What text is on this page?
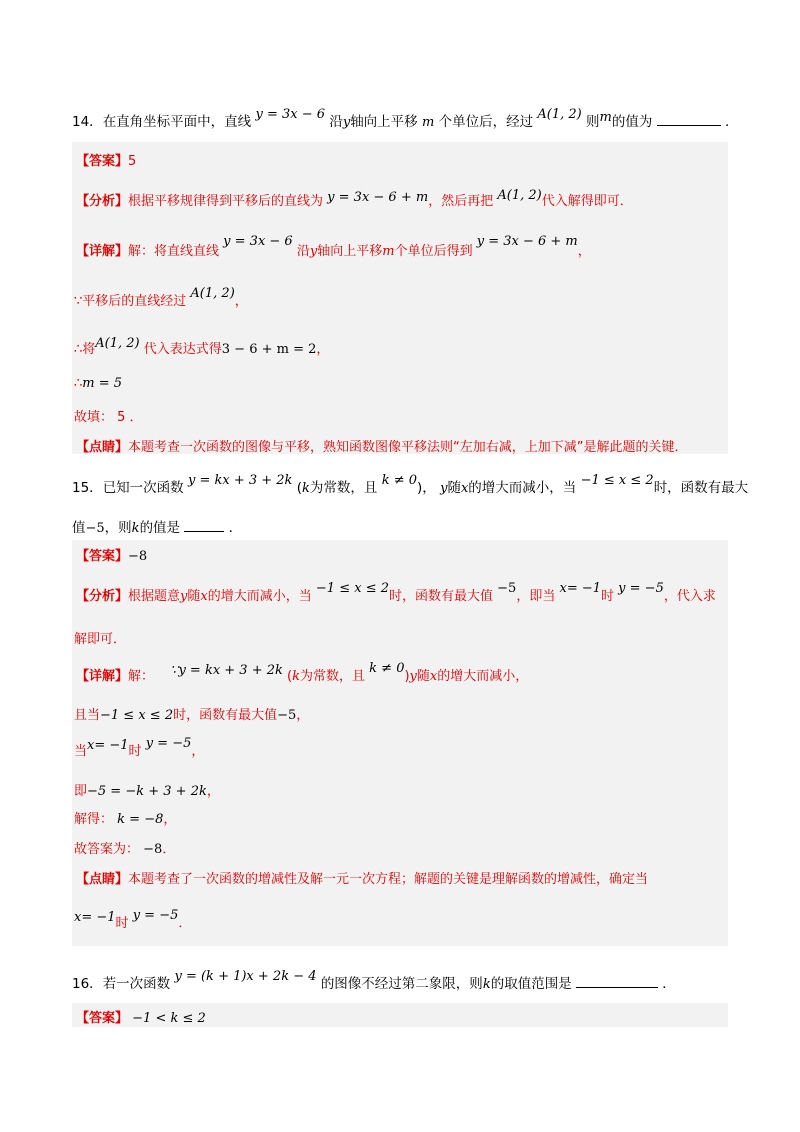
14．在直角坐标平面中，直线 y = 3x − 6 沿y轴向上平移 m 个单位后，经过 A(1, 2) 则m的值为	．
【答案】5
【分析】根据平移规律得到平移后的直线为 y = 3x − 6 + m，然后再把 A(1, 2)代入解得即可．
【详解】解：将直线直线 y = 3x − 6 沿y轴向上平移m个单位后得到 y = 3x − 6 + m，
∵平移后的直线经过 A(1, 2)，
∴将A(1, 2) 代入表达式得3 − 6 + m = 2，
∴m = 5
故填： 5 ．
【点睛】本题考查一次函数的图像与平移，熟知函数图像平移法则“左加右减，上加下减”是解此题的关键．
15．已知一次函数 y = kx + 3 + 2k (k为常数，且 k ≠ 0)， y随x的增大而减小，当 −1 ≤ x ≤ 2时，函数有最大
值−5，则k的值是	．
【答案】−8
【分析】根据题意y随x的增大而减小，当 −1 ≤ x ≤ 2时，函数有最大值 −5，即当 x= −1时 y = −5，代入求
解即可．
【详解】解： ∵y = kx + 3 + 2k (k为常数，且 k ≠ 0)y随x的增大而减小，
且当−1 ≤ x ≤ 2时，函数有最大值−5，
当x= −1时 y = −5，
即−5 = −k + 3 + 2k，
解得： k = −8，
故答案为： −8．
【点睛】本题考查了一次函数的增减性及解一元一次方程；解题的关键是理解函数的增减性，确定当
x= −1时 y = −5．
16．若一次函数 y = (k + 1)x + 2k − 4 的图像不经过第二象限，则k的取值范围是	．
【答案】 −1 < k ≤ 2
